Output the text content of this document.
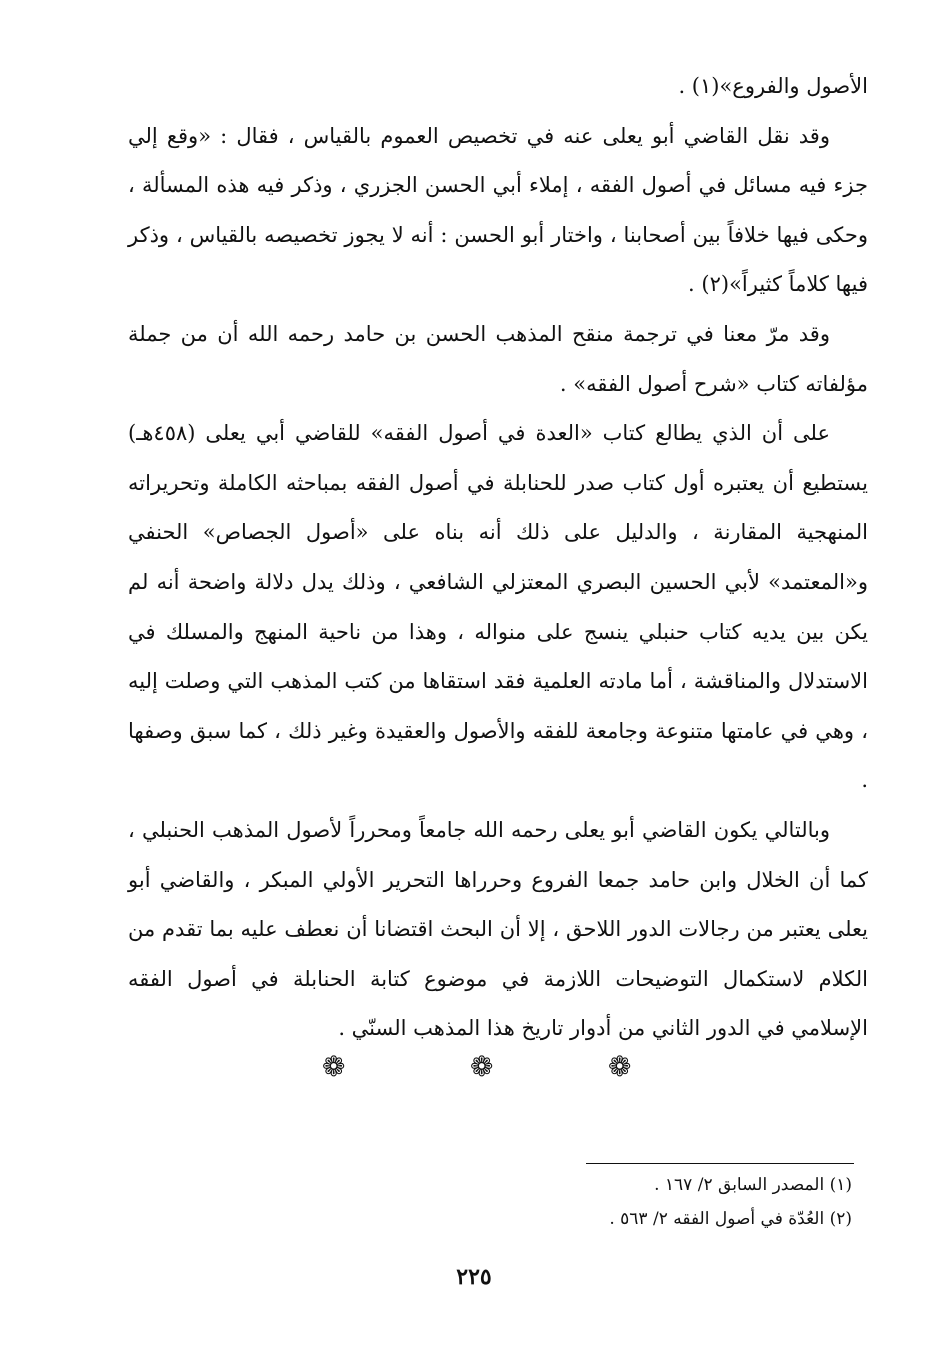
الأصول والفروع»(١) .

وقد نقل القاضي أبو يعلى عنه في تخصيص العموم بالقياس ، فقال : «وقع إلي جزء فيه مسائل في أصول الفقه ، إملاء أبي الحسن الجزري ، وذكر فيه هذه المسألة ، وحكى فيها خلافاً بين أصحابنا ، واختار أبو الحسن : أنه لا يجوز تخصيصه بالقياس ، وذكر فيها كلاماً كثيراً»(٢) .

وقد مرّ معنا في ترجمة منقح المذهب الحسن بن حامد رحمه الله أن من جملة مؤلفاته كتاب «شرح أصول الفقه» .

على أن الذي يطالع كتاب «العدة في أصول الفقه» للقاضي أبي يعلى (٤٥٨هـ) يستطيع أن يعتبره أول كتاب صدر للحنابلة في أصول الفقه بمباحثه الكاملة وتحريراته المنهجية المقارنة ، والدليل على ذلك أنه بناه على «أصول الجصاص» الحنفي و«المعتمد» لأبي الحسين البصري المعتزلي الشافعي ، وذلك يدل دلالة واضحة أنه لم يكن بين يديه كتاب حنبلي ينسج على منواله ، وهذا من ناحية المنهج والمسلك في الاستدلال والمناقشة ، أما مادته العلمية فقد استقاها من كتب المذهب التي وصلت إليه ، وهي في عامتها متنوعة وجامعة للفقه والأصول والعقيدة وغير ذلك ، كما سبق وصفها .

وبالتالي يكون القاضي أبو يعلى رحمه الله جامعاً ومحرراً لأصول المذهب الحنبلي ، كما أن الخلال وابن حامد جمعا الفروع وحرراها التحرير الأولي المبكر ، والقاضي أبو يعلى يعتبر من رجالات الدور اللاحق ، إلا أن البحث اقتضانا أن نعطف عليه بما تقدم من الكلام لاستكمال التوضيحات اللازمة في موضوع كتابة الحنابلة في أصول الفقه الإسلامي في الدور الثاني من أدوار تاريخ هذا المذهب السنّي .

❁	❁	❁

(١) المصدر السابق ٢/ ١٦٧ .

(٢) العُدّة في أصول الفقه ٢/ ٥٦٣ .

٢٢٥
